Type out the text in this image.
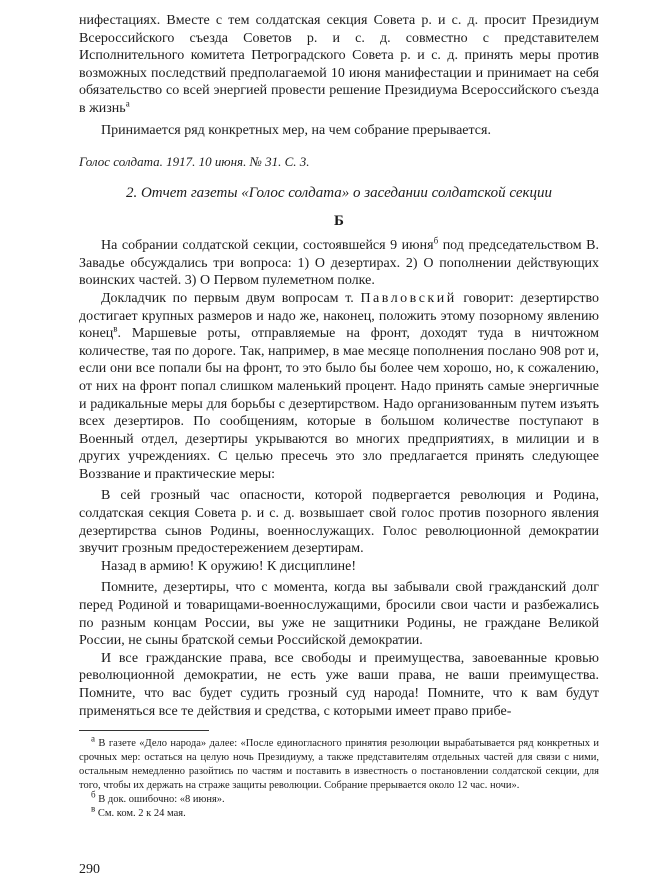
нифестациях. Вместе с тем солдатская секция Совета р. и с. д. просит Президиум Всероссийского съезда Советов р. и с. д. совместно с представителем Исполнительного комитета Петроградского Совета р. и с. д. принять меры против возможных последствий предполагаемой 10 июня манифестации и принимает на себя обязательство со всей энергией провести решение Президиума Всероссийского съезда в жизнь$^а$

Принимается ряд конкретных мер, на чем собрание прерывается.

Голос солдата. 1917. 10 июня. № 31. С. 3.
2. Отчет газеты «Голос солдата» о заседании солдатской секции
Б

На собрании солдатской секции, состоявшейся 9 июня$^б$ под председательством В. Завадье обсуждались три вопроса: 1) О дезертирах. 2) О пополнении действующих воинских частей. 3) О Первом пулеметном полке.

Докладчик по первым двум вопросам т. Павловский говорит: дезертирство достигает крупных размеров и надо же, наконец, положить этому позорному явлению конец$^в$. Маршевые роты, отправляемые на фронт, доходят туда в ничтожном количестве, тая по дороге. Так, например, в мае месяце пополнения послано 908 рот и, если они все попали бы на фронт, то это было бы более чем хорошо, но, к сожалению, от них на фронт попал слишком маленький процент. Надо принять самые энергичные и радикальные меры для борьбы с дезертирством. Надо организованным путем изъять всех дезертиров. По сообщениям, которые в большом количестве поступают в Военный отдел, дезертиры укрываются во многих предприятиях, в милиции и в других учреждениях. С целью пресечь это зло предлагается принять следующее Воззвание и практические меры:

В сей грозный час опасности, которой подвергается революция и Родина, солдатская секция Совета р. и с. д. возвышает свой голос против позорного явления дезертирства сынов Родины, военнослужащих. Голос революционной демократии звучит грозным предостережением дезертирам.

Назад в армию! К оружию! К дисциплине!

Помните, дезертиры, что с момента, когда вы забывали свой гражданский долг перед Родиной и товарищами-военнослужащими, бросили свои части и разбежались по разным концам России, вы уже не защитники Родины, не граждане Великой России, не сыны братской семьи Российской демократии.

И все гражданские права, все свободы и преимущества, завоеванные кровью революционной демократии, не есть уже ваши права, не ваши преимущества. Помните, что вас будет судить грозный суд народа! Помните, что к вам будут применяться все те действия и средства, с которыми имеет право прибе-

$^а$ В газете «Дело народа» далее: «После единогласного принятия резолюции вырабатывается ряд конкретных и срочных мер: остаться на целую ночь Президиуму, а также представителям отдельных частей для связи с ними, остальным немедленно разойтись по частям и поставить в известность о постановлении солдатской секции, для того, чтобы их держать на страже защиты революции. Собрание прерывается около 12 час. ночи».

$^б$ В док. ошибочно: «8 июня».

$^в$ См. ком. 2 к 24 мая.

290
